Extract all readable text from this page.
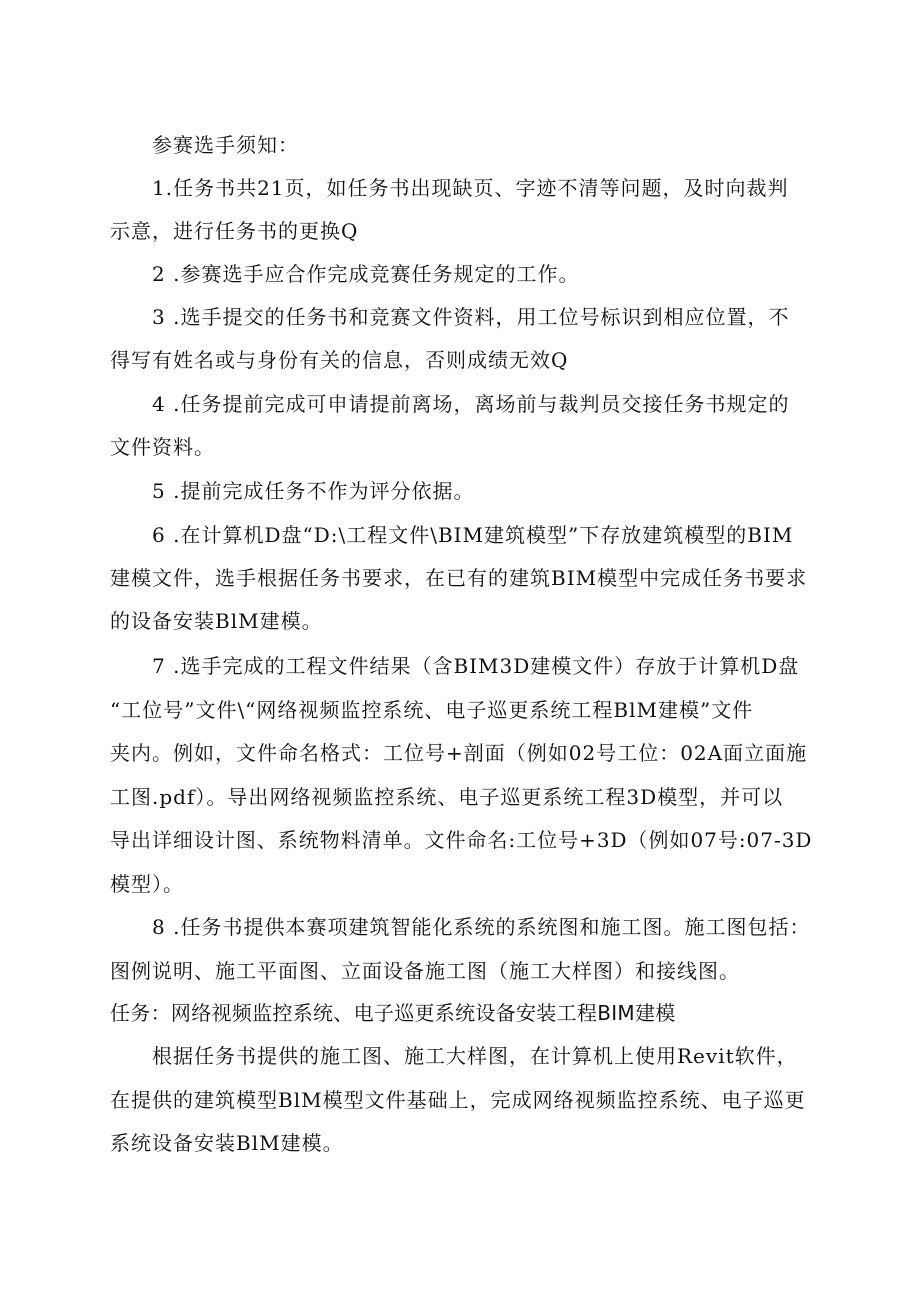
参赛选手须知：
1.任务书共21页，如任务书出现缺页、字迹不清等问题，及时向裁判
示意，进行任务书的更换Q
2 .参赛选手应合作完成竞赛任务规定的工作。
3 .选手提交的任务书和竞赛文件资料，用工位号标识到相应位置，不
得写有姓名或与身份有关的信息，否则成绩无效Q
4 .任务提前完成可申请提前离场，离场前与裁判员交接任务书规定的
文件资料。
5 .提前完成任务不作为评分依据。
6 .在计算机D盘“D:\工程文件\BIM建筑模型”下存放建筑模型的BIM
建模文件，选手根据任务书要求，在已有的建筑BIM模型中完成任务书要求
的设备安装BlM建模。
7 .选手完成的工程文件结果（含BIM3D建模文件）存放于计算机D盘
“工位号”文件\“网络视频监控系统、电子巡更系统工程BlM建模”文件
夹内。例如，文件命名格式：工位号+剖面（例如02号工位：02A面立面施
工图.pdf）。导出网络视频监控系统、电子巡更系统工程3D模型，并可以
导出详细设计图、系统物料清单。文件命名:工位号+3D（例如07号:07-3D
模型）。
8 .任务书提供本赛项建筑智能化系统的系统图和施工图。施工图包括：
图例说明、施工平面图、立面设备施工图（施工大样图）和接线图。
任务：网络视频监控系统、电子巡更系统设备安装工程BIM建模
根据任务书提供的施工图、施工大样图，在计算机上使用Revit软件，
在提供的建筑模型BlM模型文件基础上，完成网络视频监控系统、电子巡更
系统设备安装BlM建模。
